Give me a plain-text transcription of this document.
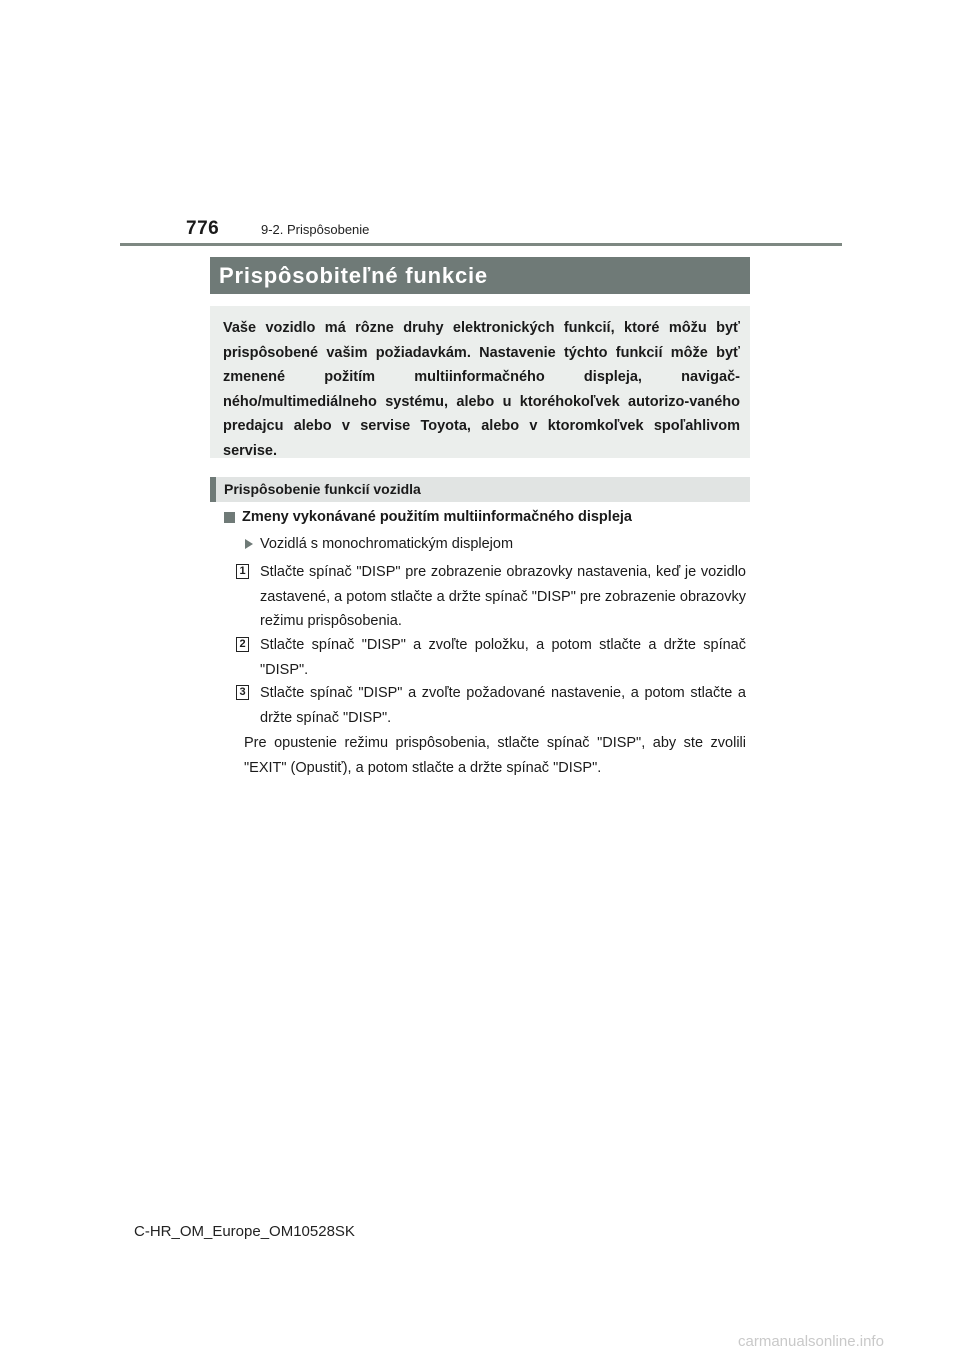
776	9-2. Prispôsobenie
Prispôsobiteľné funkcie
Vaše vozidlo má rôzne druhy elektronických funkcií, ktoré môžu byť prispôsobené vašim požiadavkám. Nastavenie týchto funkcií môže byť zmenené požitím multiinformačného displeja, navigač-ného/multimediálneho systému, alebo u ktoréhokoľvek autorizo-vaného predajcu alebo v servise Toyota, alebo v ktoromkoľvek spoľahlivom servise.
Prispôsobenie funkcií vozidla
Zmeny vykonávané použitím multiinformačného displeja
Vozidlá s monochromatickým displejom
1 Stlačte spínač "DISP" pre zobrazenie obrazovky nastavenia, keď je vozidlo zastavené, a potom stlačte a držte spínač "DISP" pre zobrazenie obrazovky režimu prispôsobenia.
2 Stlačte spínač "DISP" a zvoľte položku, a potom stlačte a držte spínač "DISP".
3 Stlačte spínač "DISP" a zvoľte požadované nastavenie, a potom stlačte a držte spínač "DISP".
Pre opustenie režimu prispôsobenia, stlačte spínač "DISP", aby ste zvolili "EXIT" (Opustiť), a potom stlačte a držte spínač "DISP".
C-HR_OM_Europe_OM10528SK
carmanualsonline.info
